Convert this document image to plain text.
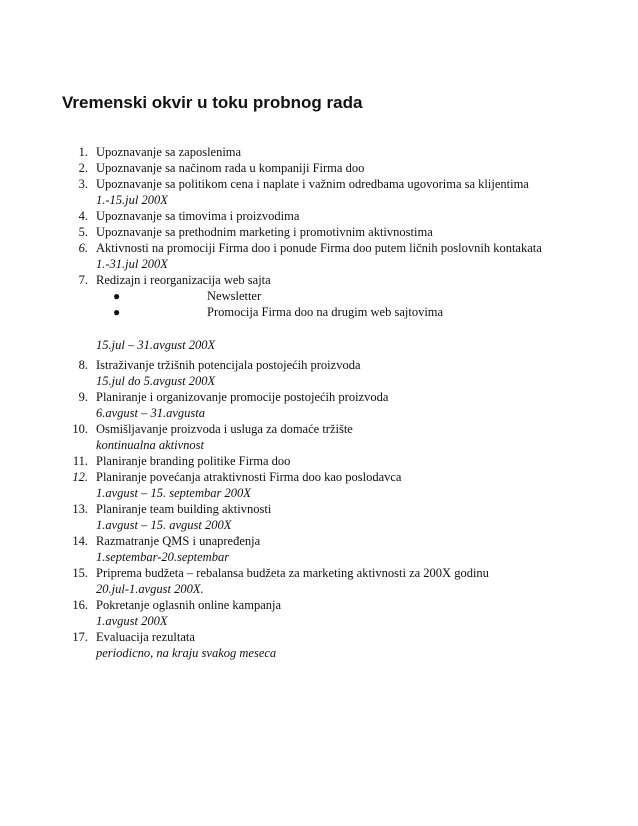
Vremenski okvir u toku probnog rada
1. Upoznavanje sa zaposlenima
2. Upoznavanje sa načinom rada u kompaniji Firma doo
3. Upoznavanje sa politikom cena i naplate i važnim odredbama ugovorima sa klijentima
1.-15.jul 200X
4. Upoznavanje sa timovima i proizvodima
5. Upoznavanje sa prethodnim marketing i promotivnim aktivnostima
6. Aktivnosti na promociji Firma doo i ponude Firma doo putem ličnih poslovnih kontakata
1.-31.jul 200X
7. Redizajn i reorganizacija web sajta
●	Newsletter
●	Promocija Firma doo na drugim web sajtovima
15.jul – 31.avgust 200X
8. Istraživanje tržišnih potencijala postojećih proizvoda
15.jul do 5.avgust 200X
9. Planiranje i organizovanje promocije postojećih proizvoda
6.avgust – 31.avgusta
10. Osmišljavanje proizvoda i usluga za domaće tržište
kontinualna aktivnost
11. Planiranje branding politike Firma doo
12. Planiranje povećanja atraktivnosti Firma doo kao poslodavca
1.avgust – 15. septembar 200X
13. Planiranje team building aktivnosti
1.avgust – 15. avgust 200X
14. Razmatranje QMS i unapređenja
1.septembar-20.septembar
15. Priprema budžeta – rebalansa budžeta za marketing aktivnosti za 200X godinu
20.jul-1.avgust 200X.
16. Pokretanje oglasnih online kampanja
1.avgust 200X
17. Evaluacija rezultata
periodicno, na kraju svakog meseca
